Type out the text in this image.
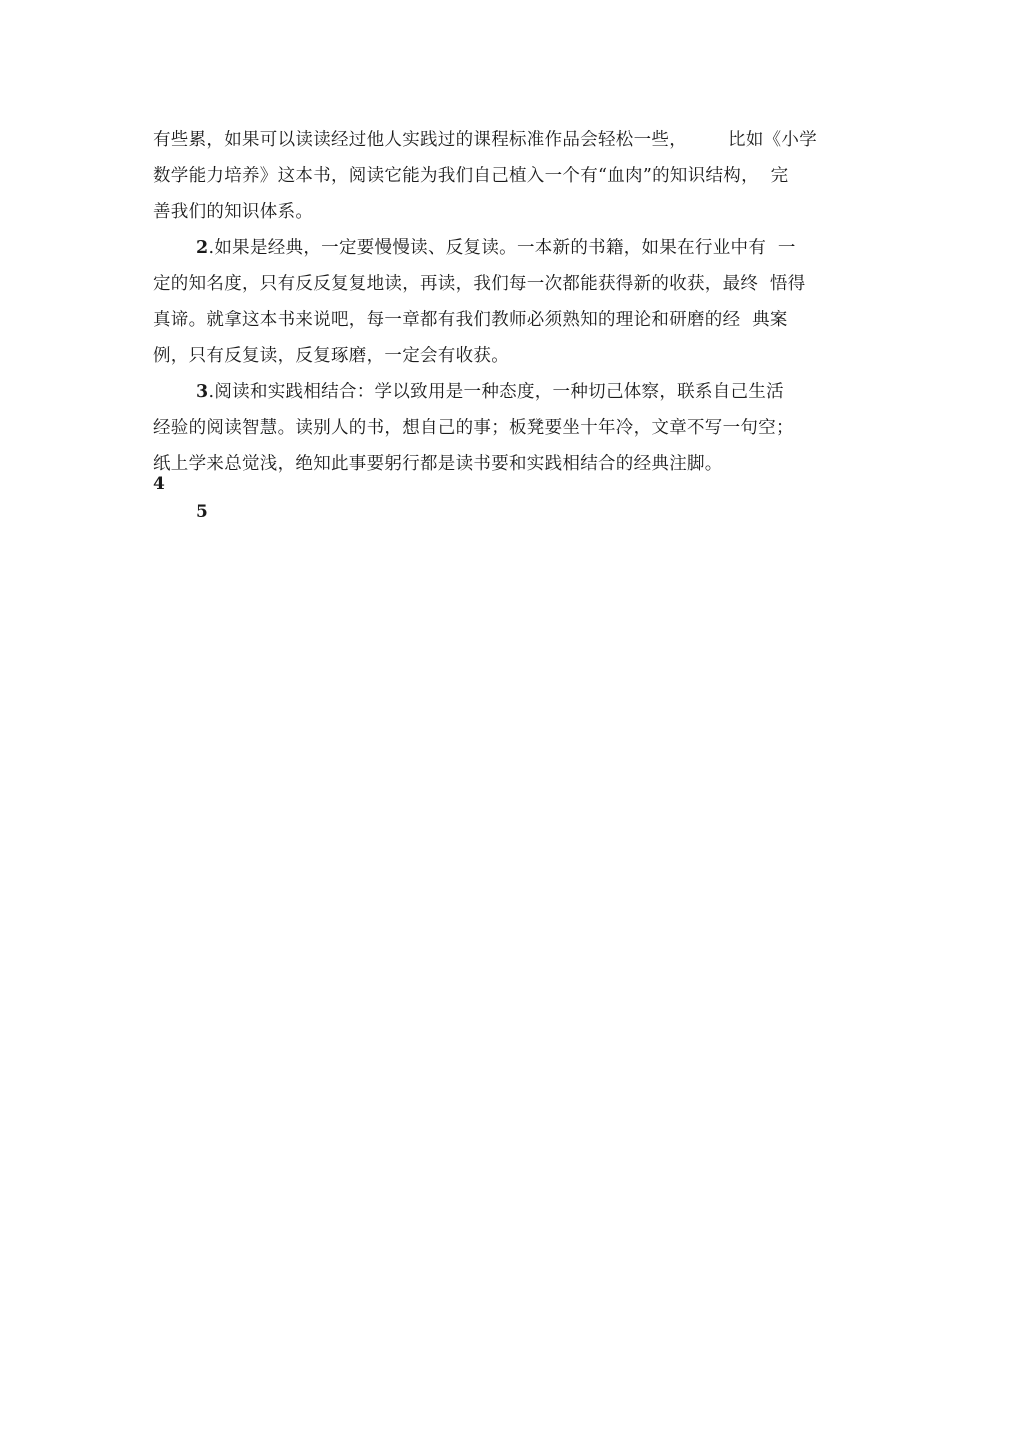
有些累，如果可以读读经过他人实践过的课程标准作品会轻松一些，       比如《小学
数学能力培养》这本书，阅读它能为我们自己植入一个有“血肉”的知识结构，  完
善我们的知识体系。
2.如果是经典，一定要慢慢读、反复读。一本新的书籍，如果在行业中有  一
定的知名度，只有反反复复地读，再读，我们每一次都能获得新的收获，最终  悟得
真谛。就拿这本书来说吧，每一章都有我们教师必须熟知的理论和研磨的经  典案
例，只有反复读，反复琢磨，一定会有收获。
3.阅读和实践相结合：学以致用是一种态度，一种切己体察，联系自己生活
经验的阅读智慧。读别人的书，想自己的事；板凳要坐十年冷，文章不写一句空；
纸上学来总觉浅，绝知此事要躬行都是读书要和实践相结合的经典注脚。
4
5
